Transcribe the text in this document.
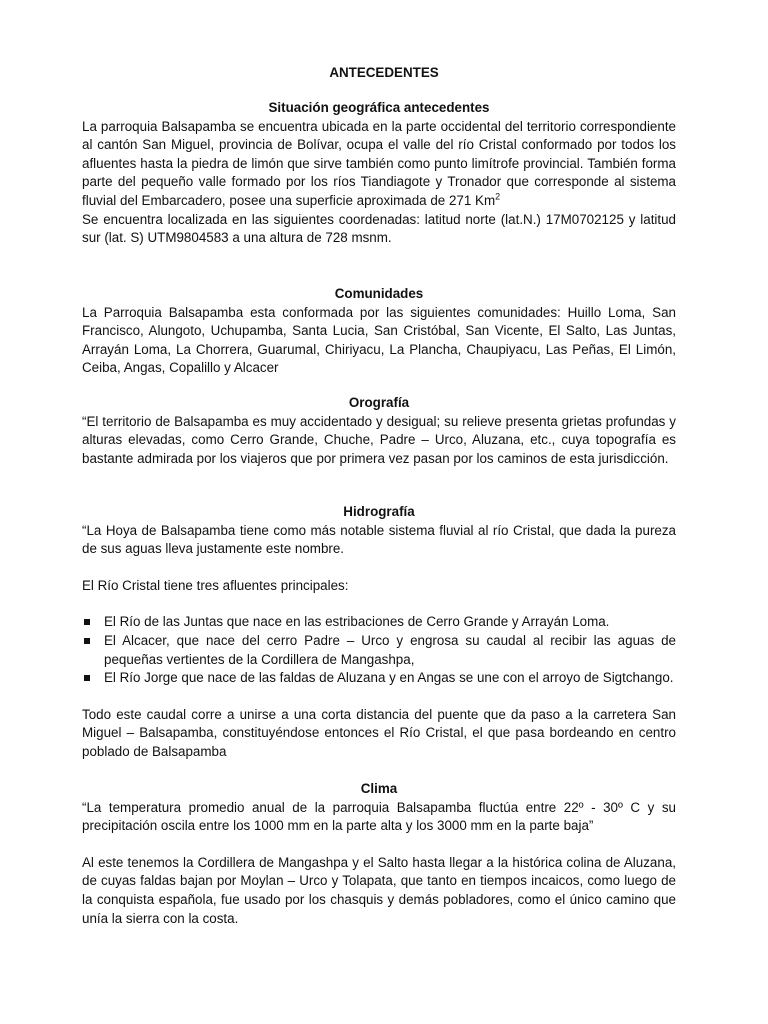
ANTECEDENTES
Situación geográfica antecedentes

La parroquia Balsapamba se encuentra ubicada en la parte occidental del territorio correspondiente al cantón San Miguel, provincia de Bolívar, ocupa el valle del río Cristal conformado por todos los afluentes hasta la piedra de limón que sirve también como punto limítrofe provincial. También forma parte del pequeño valle formado por los ríos Tiandiagote y Tronador que corresponde al sistema fluvial del Embarcadero, posee una superficie aproximada de 271 Km$^2$

Se encuentra localizada en las siguientes coordenadas: latitud norte (lat.N.) 17M0702125 y latitud sur (lat. S) UTM9804583 a una altura de 728 msnm.

Comunidades

La Parroquia Balsapamba esta conformada por las siguientes comunidades: Huillo Loma, San Francisco, Alungoto, Uchupamba, Santa Lucia, San Cristóbal, San Vicente, El Salto, Las Juntas, Arrayán Loma, La Chorrera, Guarumal, Chiriyacu, La Plancha, Chaupiyacu, Las Peñas, El Limón, Ceiba, Angas, Copalillo y Alcacer

Orografía

“El territorio de Balsapamba es muy accidentado y desigual; su relieve presenta grietas profundas y alturas elevadas, como Cerro Grande, Chuche, Padre – Urco, Aluzana, etc., cuya topografía es bastante admirada por los viajeros que por primera vez pasan por los caminos de esta jurisdicción.

Hidrografía

“La Hoya de Balsapamba tiene como más notable sistema fluvial al río Cristal, que dada la pureza de sus aguas lleva justamente este nombre.

El Río Cristal tiene tres afluentes principales:

El Río de las Juntas que nace en las estribaciones de Cerro Grande y Arrayán Loma.
El Alcacer, que nace del cerro Padre – Urco y engrosa su caudal al recibir las aguas de pequeñas vertientes de la Cordillera de Mangashpa,
El Río Jorge que nace de las faldas de Aluzana y en Angas se une con el arroyo de Sigtchango.

Todo este caudal corre a unirse a una corta distancia del puente que da paso a la carretera San Miguel – Balsapamba, constituyéndose entonces el Río Cristal, el que pasa bordeando en centro poblado de Balsapamba

Clima

“La temperatura promedio anual de la parroquia Balsapamba fluctúa entre 22º - 30º C y su precipitación oscila entre los 1000 mm en la parte alta y los 3000 mm en la parte baja”

Al este tenemos la Cordillera de Mangashpa y el Salto hasta llegar a la histórica colina de Aluzana, de cuyas faldas bajan por Moylan – Urco y Tolapata, que tanto en tiempos incaicos, como luego de la conquista española, fue usado por los chasquis y demás pobladores, como el único camino que unía la sierra con la costa.
